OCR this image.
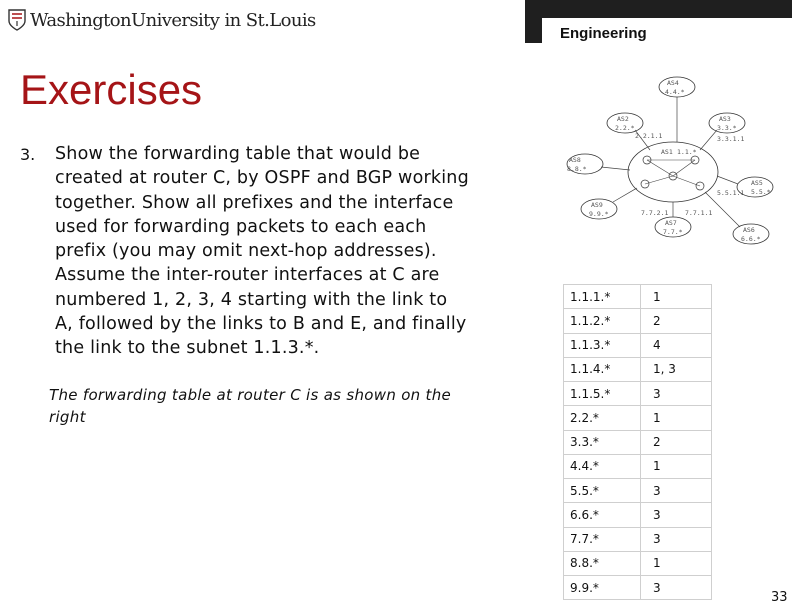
WashingtonUniversity in St.Louis
Engineering
Exercises
3. Show the forwarding table that would be
created at router C, by OSPF and BGP working
together. Show all prefixes and the interface
used for forwarding packets to each each
prefix (you may omit next-hop addresses).
Assume the inter-router interfaces at C are
numbered 1, 2, 3, 4 starting with the link to
A, followed by the links to B and E, and finally
the link to the subnet 1.1.3.*.
The forwarding table at router C is as shown on the
right
AS4
4.4.*
AS2
2.2.*
AS3
3.3.*
AS1 1.1.*
AS8
8.8.*
AS5
5.5.*
AS9
9.9.*
AS7
7.7.*	AS6
6.6.*
2.2.1.1	3.3.1.1
5.5.1.1
7.7.2.1	7.7.1.1
1.1.1.*	1
1.1.2.*	2
1.1.3.*	4
1.1.4.*	1, 3
1.1.5.*	3
2.2.*	1
3.3.*	2
4.4.*	1
5.5.*	3
6.6.*	3
7.7.*	3
8.8.*	1
9.9.*	3
33
